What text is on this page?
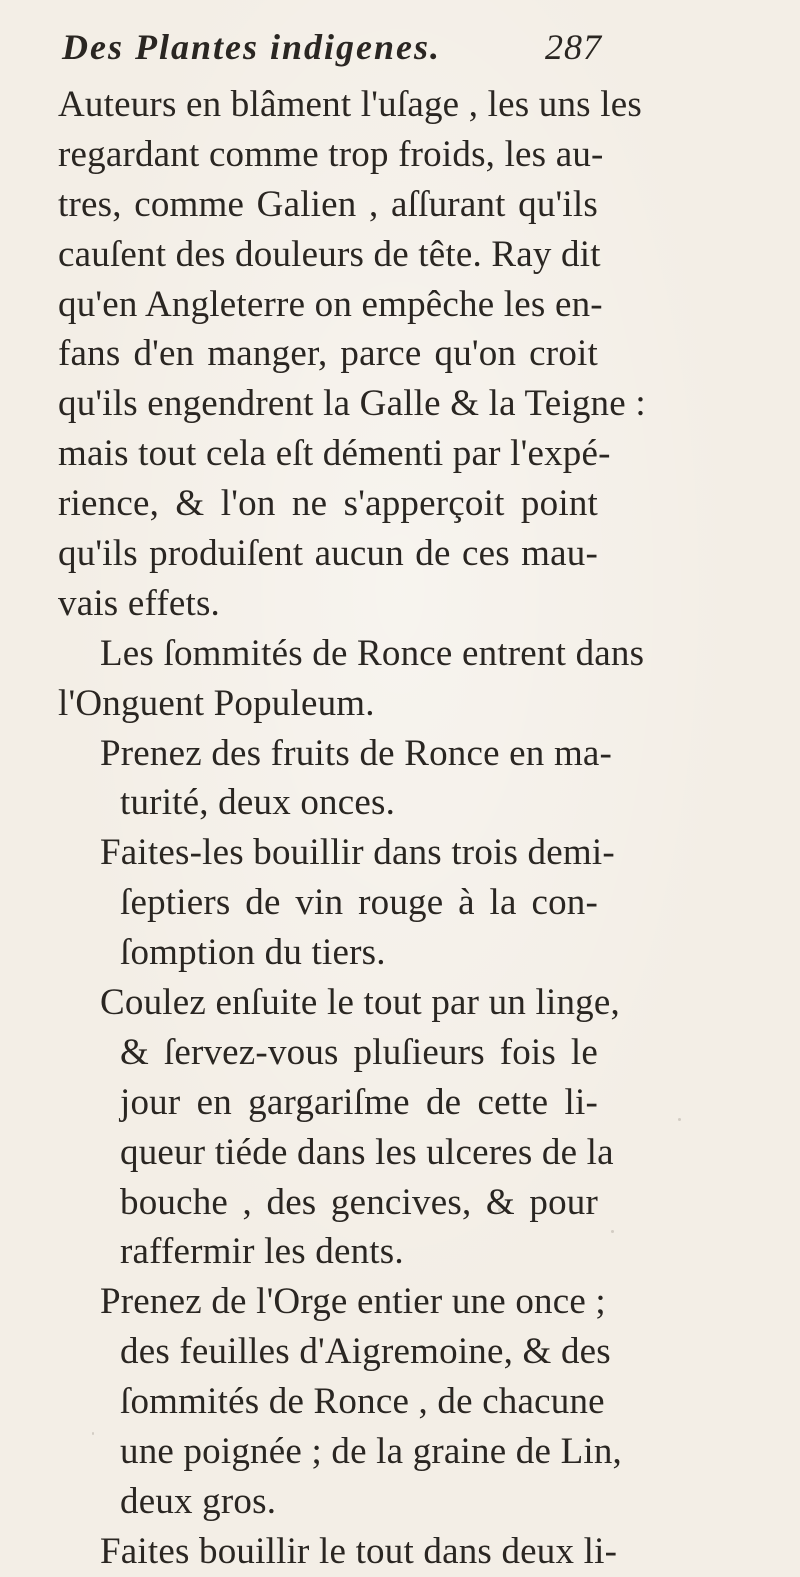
Des Plantes indigenes.	287
Auteurs en blâment l'uſage , les uns les
regardant comme trop froids, les au-
tres, comme Galien , aſſurant qu'ils
cauſent des douleurs de tête. Ray dit
qu'en Angleterre on empêche les en-
fans d'en manger, parce qu'on croit
qu'ils engendrent la Galle & la Teigne :
mais tout cela eſt démenti par l'expé-
rience, & l'on ne s'apperçoit point
qu'ils produiſent aucun de ces mau-
vais effets.
Les ſommités de Ronce entrent dans
l'Onguent Populeum.
Prenez des fruits de Ronce en ma-
turité, deux onces.
Faites-les bouillir dans trois demi-
ſeptiers de vin rouge à la con-
ſomption du tiers.
Coulez enſuite le tout par un linge,
& ſervez-vous pluſieurs fois le
jour en gargariſme de cette li-
queur tiéde dans les ulceres de la
bouche , des gencives, & pour
raffermir les dents.
Prenez de l'Orge entier une once ;
des feuilles d'Aigremoine, & des
ſommités de Ronce , de chacune
une poignée ; de la graine de Lin,
deux gros.
Faites bouillir le tout dans deux li-
